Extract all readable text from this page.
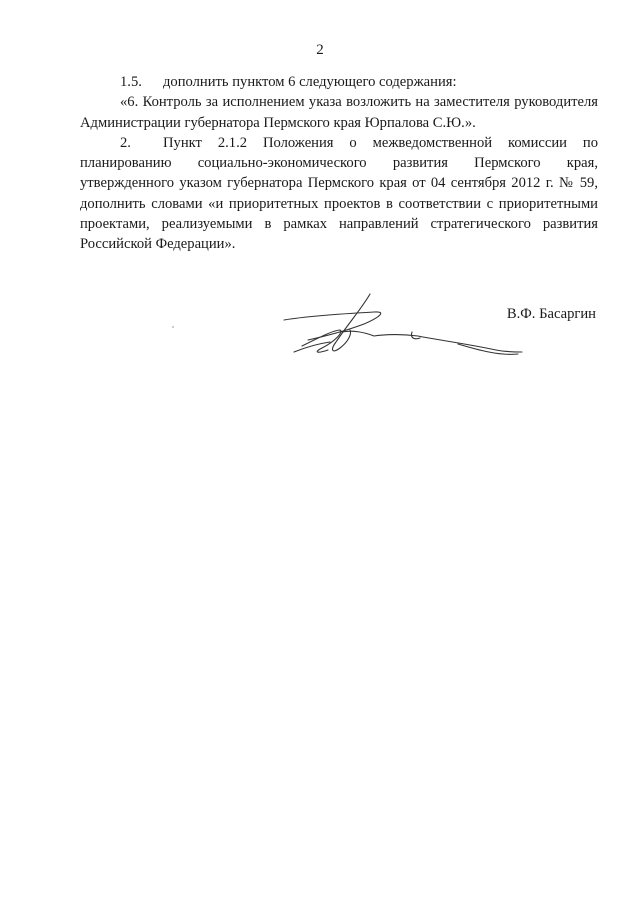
2

1.5. дополнить пунктом 6 следующего содержания:

«6. Контроль за исполнением указа возложить на заместителя руководителя Администрации губернатора Пермского края Юрпалова С.Ю.».

2. Пункт 2.1.2 Положения о межведомственной комиссии по планированию социально-экономического развития Пермского края, утвержденного указом губернатора Пермского края от 04 сентября 2012 г. № 59, дополнить словами «и приоритетных проектов в соответствии с приоритетными проектами, реализуемыми в рамках направлений стратегического развития Российской Федерации».

В.Ф. Басаргин
